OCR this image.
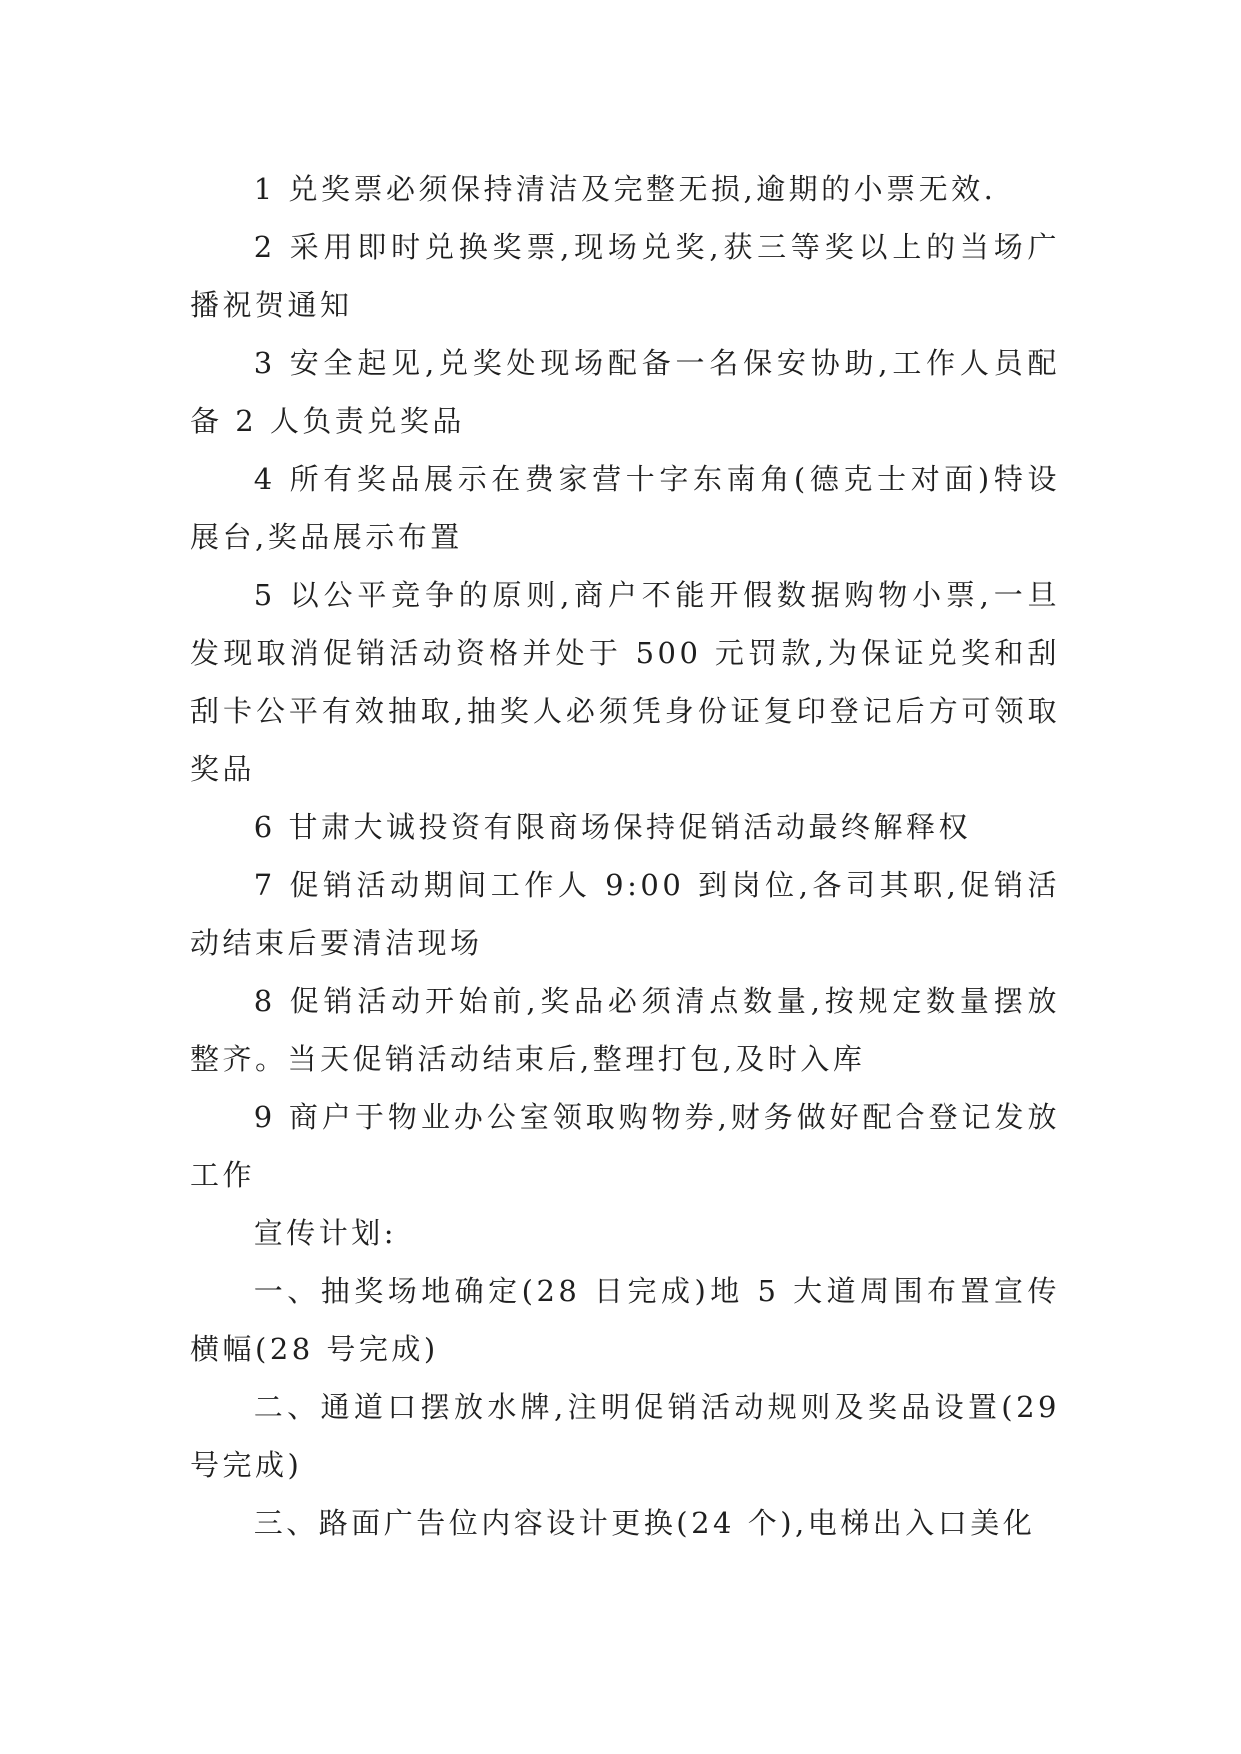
1 兑奖票必须保持清洁及完整无损,逾期的小票无效.

2 采用即时兑换奖票,现场兑奖,获三等奖以上的当场广播祝贺通知

3 安全起见,兑奖处现场配备一名保安协助,工作人员配备 2 人负责兑奖品

4 所有奖品展示在费家营十字东南角(德克士对面)特设展台,奖品展示布置

5 以公平竞争的原则,商户不能开假数据购物小票,一旦发现取消促销活动资格并处于 500 元罚款,为保证兑奖和刮刮卡公平有效抽取,抽奖人必须凭身份证复印登记后方可领取奖品

6 甘肃大诚投资有限商场保持促销活动最终解释权

7 促销活动期间工作人 9:00 到岗位,各司其职,促销活动结束后要清洁现场

8 促销活动开始前,奖品必须清点数量,按规定数量摆放整齐。当天促销活动结束后,整理打包,及时入库

9 商户于物业办公室领取购物券,财务做好配合登记发放工作

宣传计划:

一、抽奖场地确定(28 日完成)地 5 大道周围布置宣传横幅(28 号完成)

二、通道口摆放水牌,注明促销活动规则及奖品设置(29 号完成)

三、路面广告位内容设计更换(24 个),电梯出入口美化
